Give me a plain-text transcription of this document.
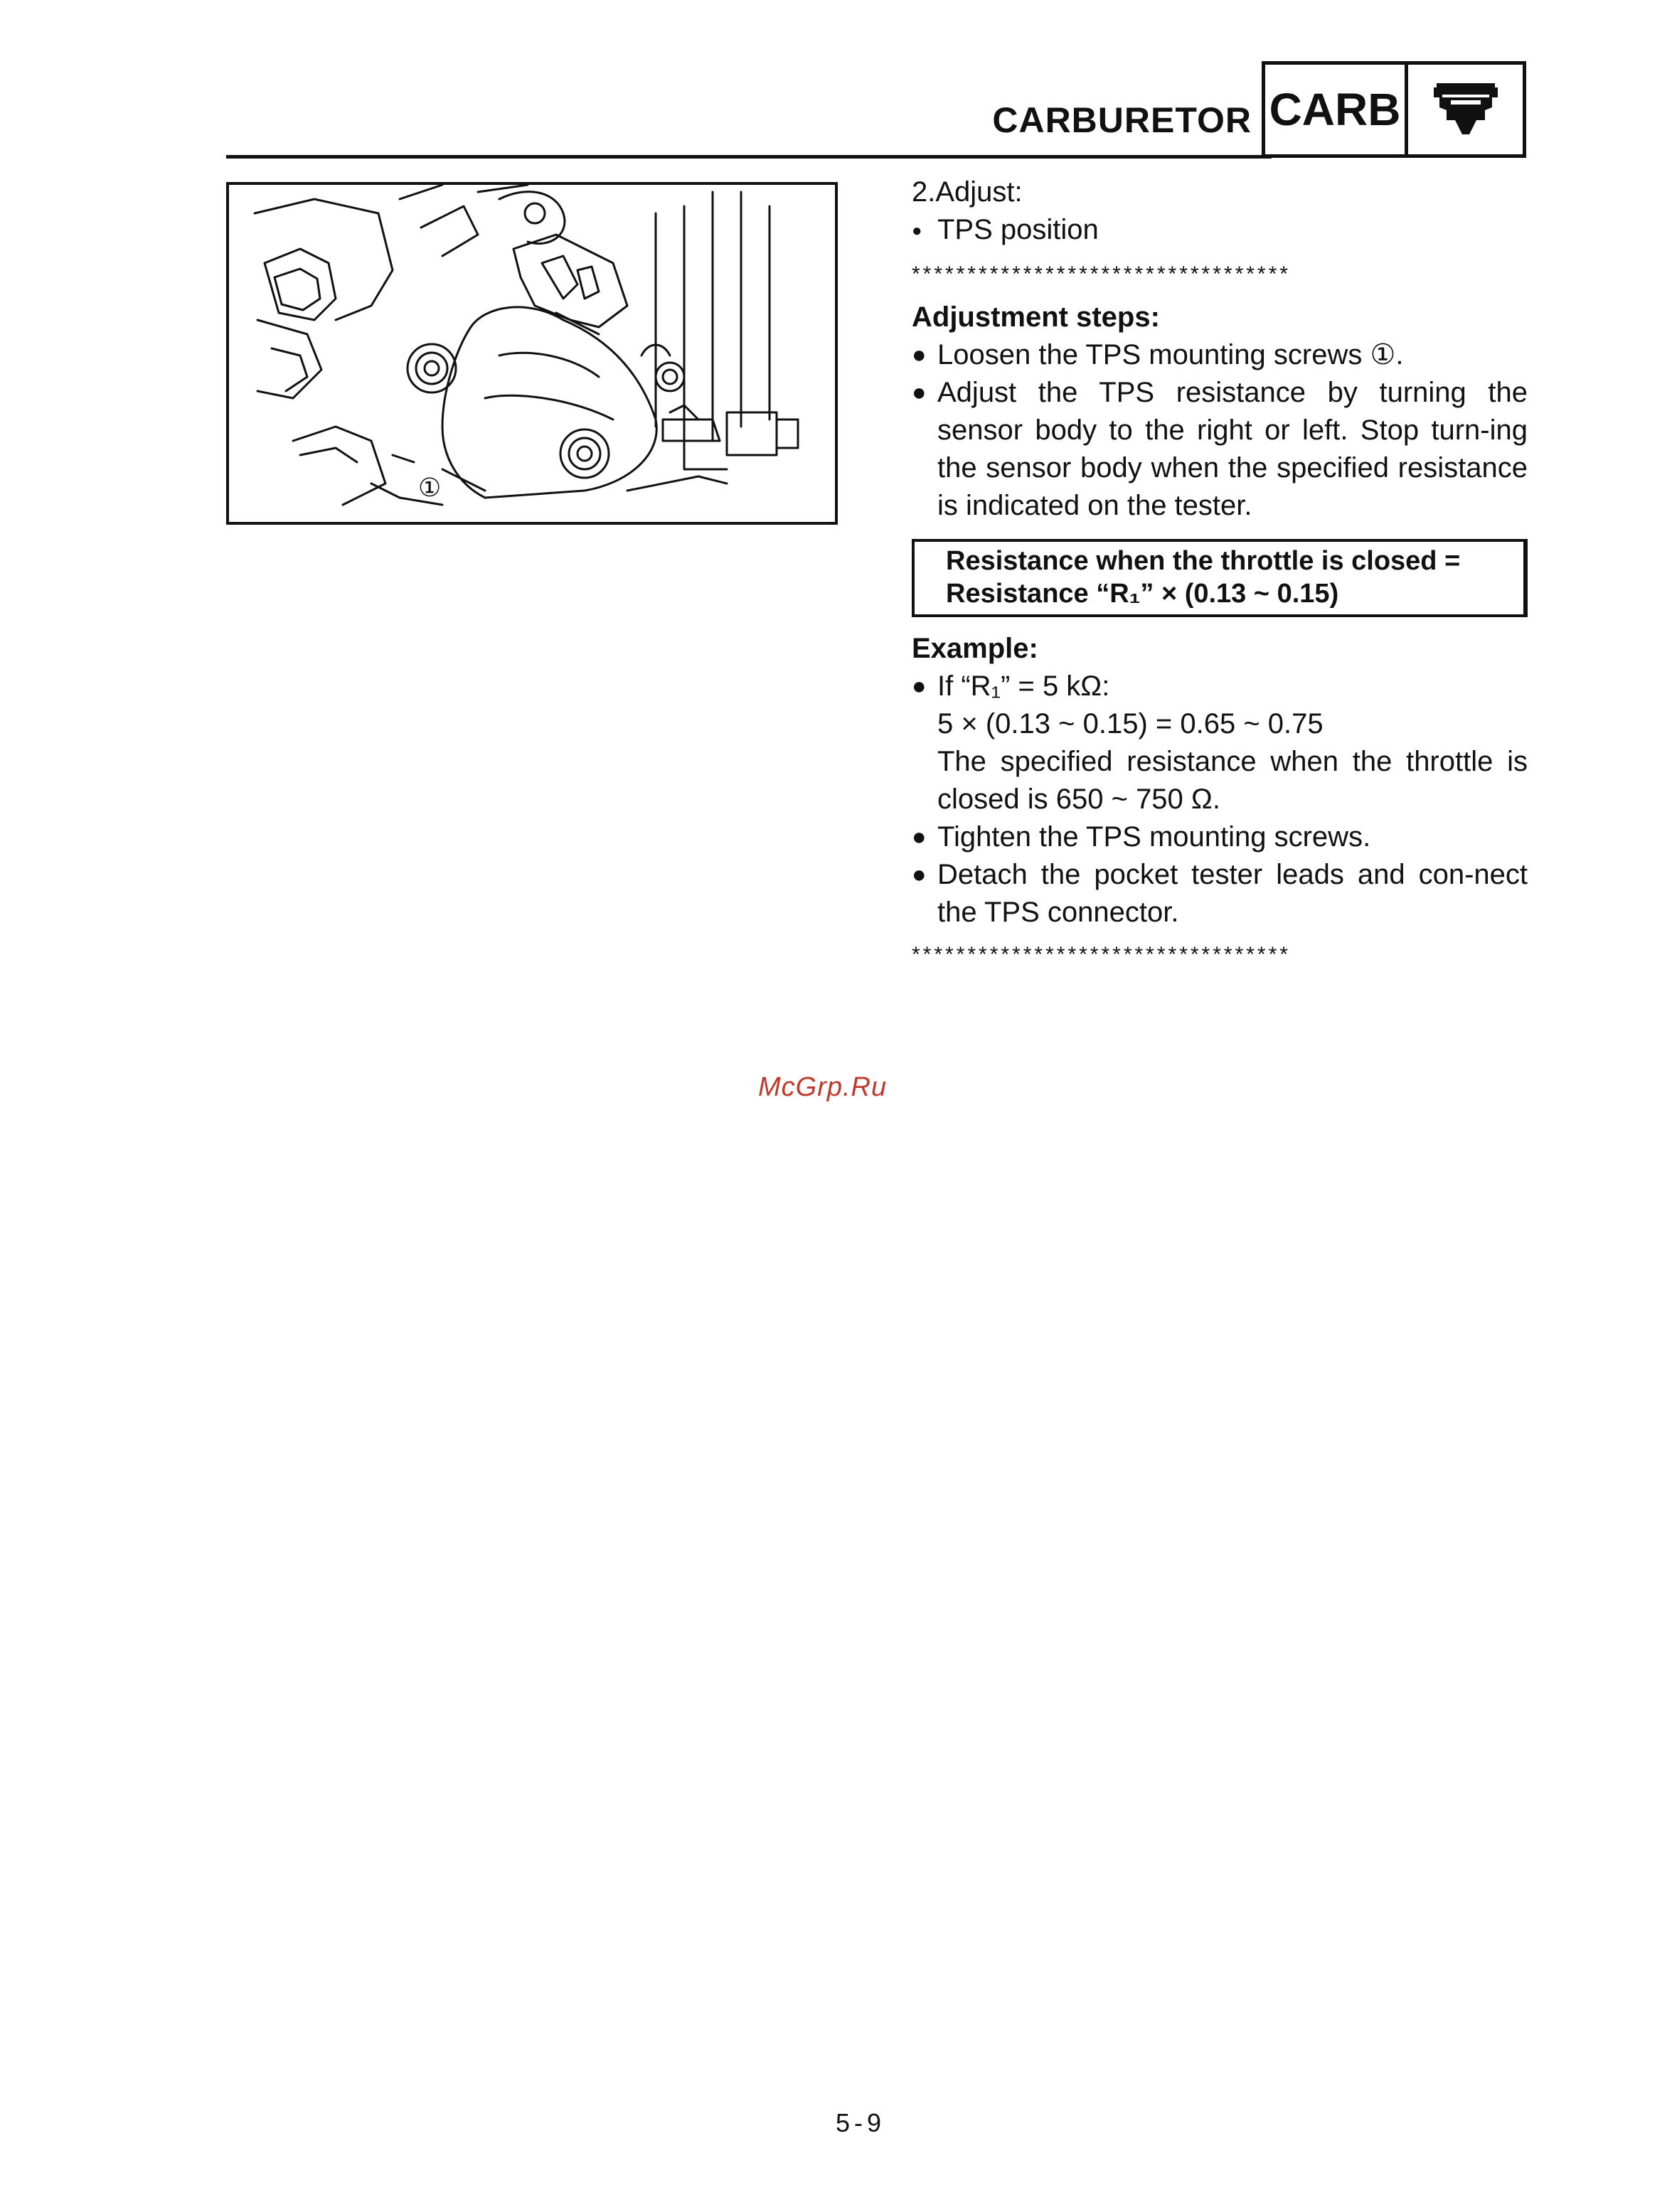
CARBURETOR CARB
①

2.Adjust:

● TPS position
**********************************
Adjustment steps:
● Loosen the TPS mounting screws ①.
● Adjust the TPS resistance by turning the sensor body to the right or left. Stop turn-ing the sensor body when the specified resistance is indicated on the tester.
Resistance when the throttle is closed =
Resistance “R₁” × (0.13 ~ 0.15)
Example:
● If “R₁” = 5 kΩ:
5 × (0.13 ~ 0.15) = 0.65 ~ 0.75
The specified resistance when the throttle is closed is 650 ~ 750 Ω.
● Tighten the TPS mounting screws.
● Detach the pocket tester leads and con-nect the TPS connector.
**********************************
McGrp.Ru
5-9
